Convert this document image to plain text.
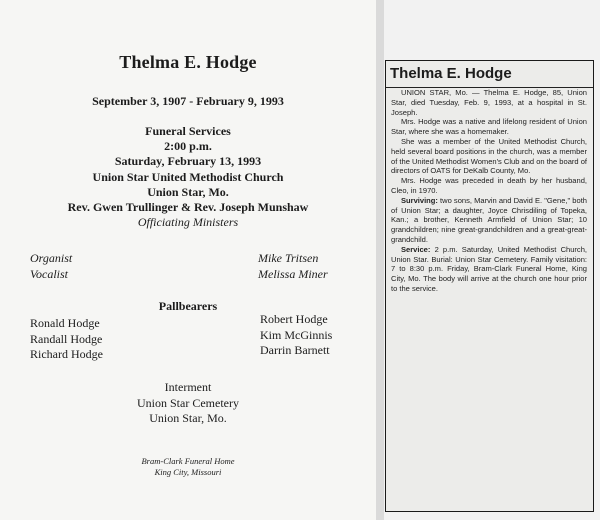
Thelma E. Hodge
September 3, 1907 - February 9, 1993
Funeral Services
2:00 p.m.
Saturday, February 13, 1993
Union Star United Methodist Church
Union Star, Mo.
Rev. Gwen Trullinger & Rev. Joseph Munshaw
Officiating Ministers
Organist
Vocalist
Mike Tritsen
Melissa Miner
Pallbearers
Ronald Hodge
Randall Hodge
Richard Hodge
Robert Hodge
Kim McGinnis
Darrin Barnett
Interment
Union Star Cemetery
Union Star, Mo.
Bram-Clark Funeral Home
King City, Missouri
Thelma E. Hodge

UNION STAR, Mo. — Thelma E. Hodge, 85, Union Star, died Tuesday, Feb. 9, 1993, at a hospital in St. Joseph.

Mrs. Hodge was a native and lifelong resident of Union Star, where she was a homemaker.

She was a member of the United Methodist Church, held several board positions in the church, was a member of the United Methodist Women's Club and on the board of directors of OATS for DeKalb County, Mo.

Mrs. Hodge was preceded in death by her husband, Cleo, in 1970.

Surviving: two sons, Marvin and David E. "Gene," both of Union Star; a daughter, Joyce Chrisdiling of Topeka, Kan.; a brother, Kenneth Armfield of Union Star; 10 grandchildren; nine great-grandchildren and a great-great-grandchild.

Service: 2 p.m. Saturday, United Methodist Church, Union Star. Burial: Union Star Cemetery. Family visitation: 7 to 8:30 p.m. Friday, Bram-Clark Funeral Home, King City, Mo. The body will arrive at the church one hour prior to the service.
